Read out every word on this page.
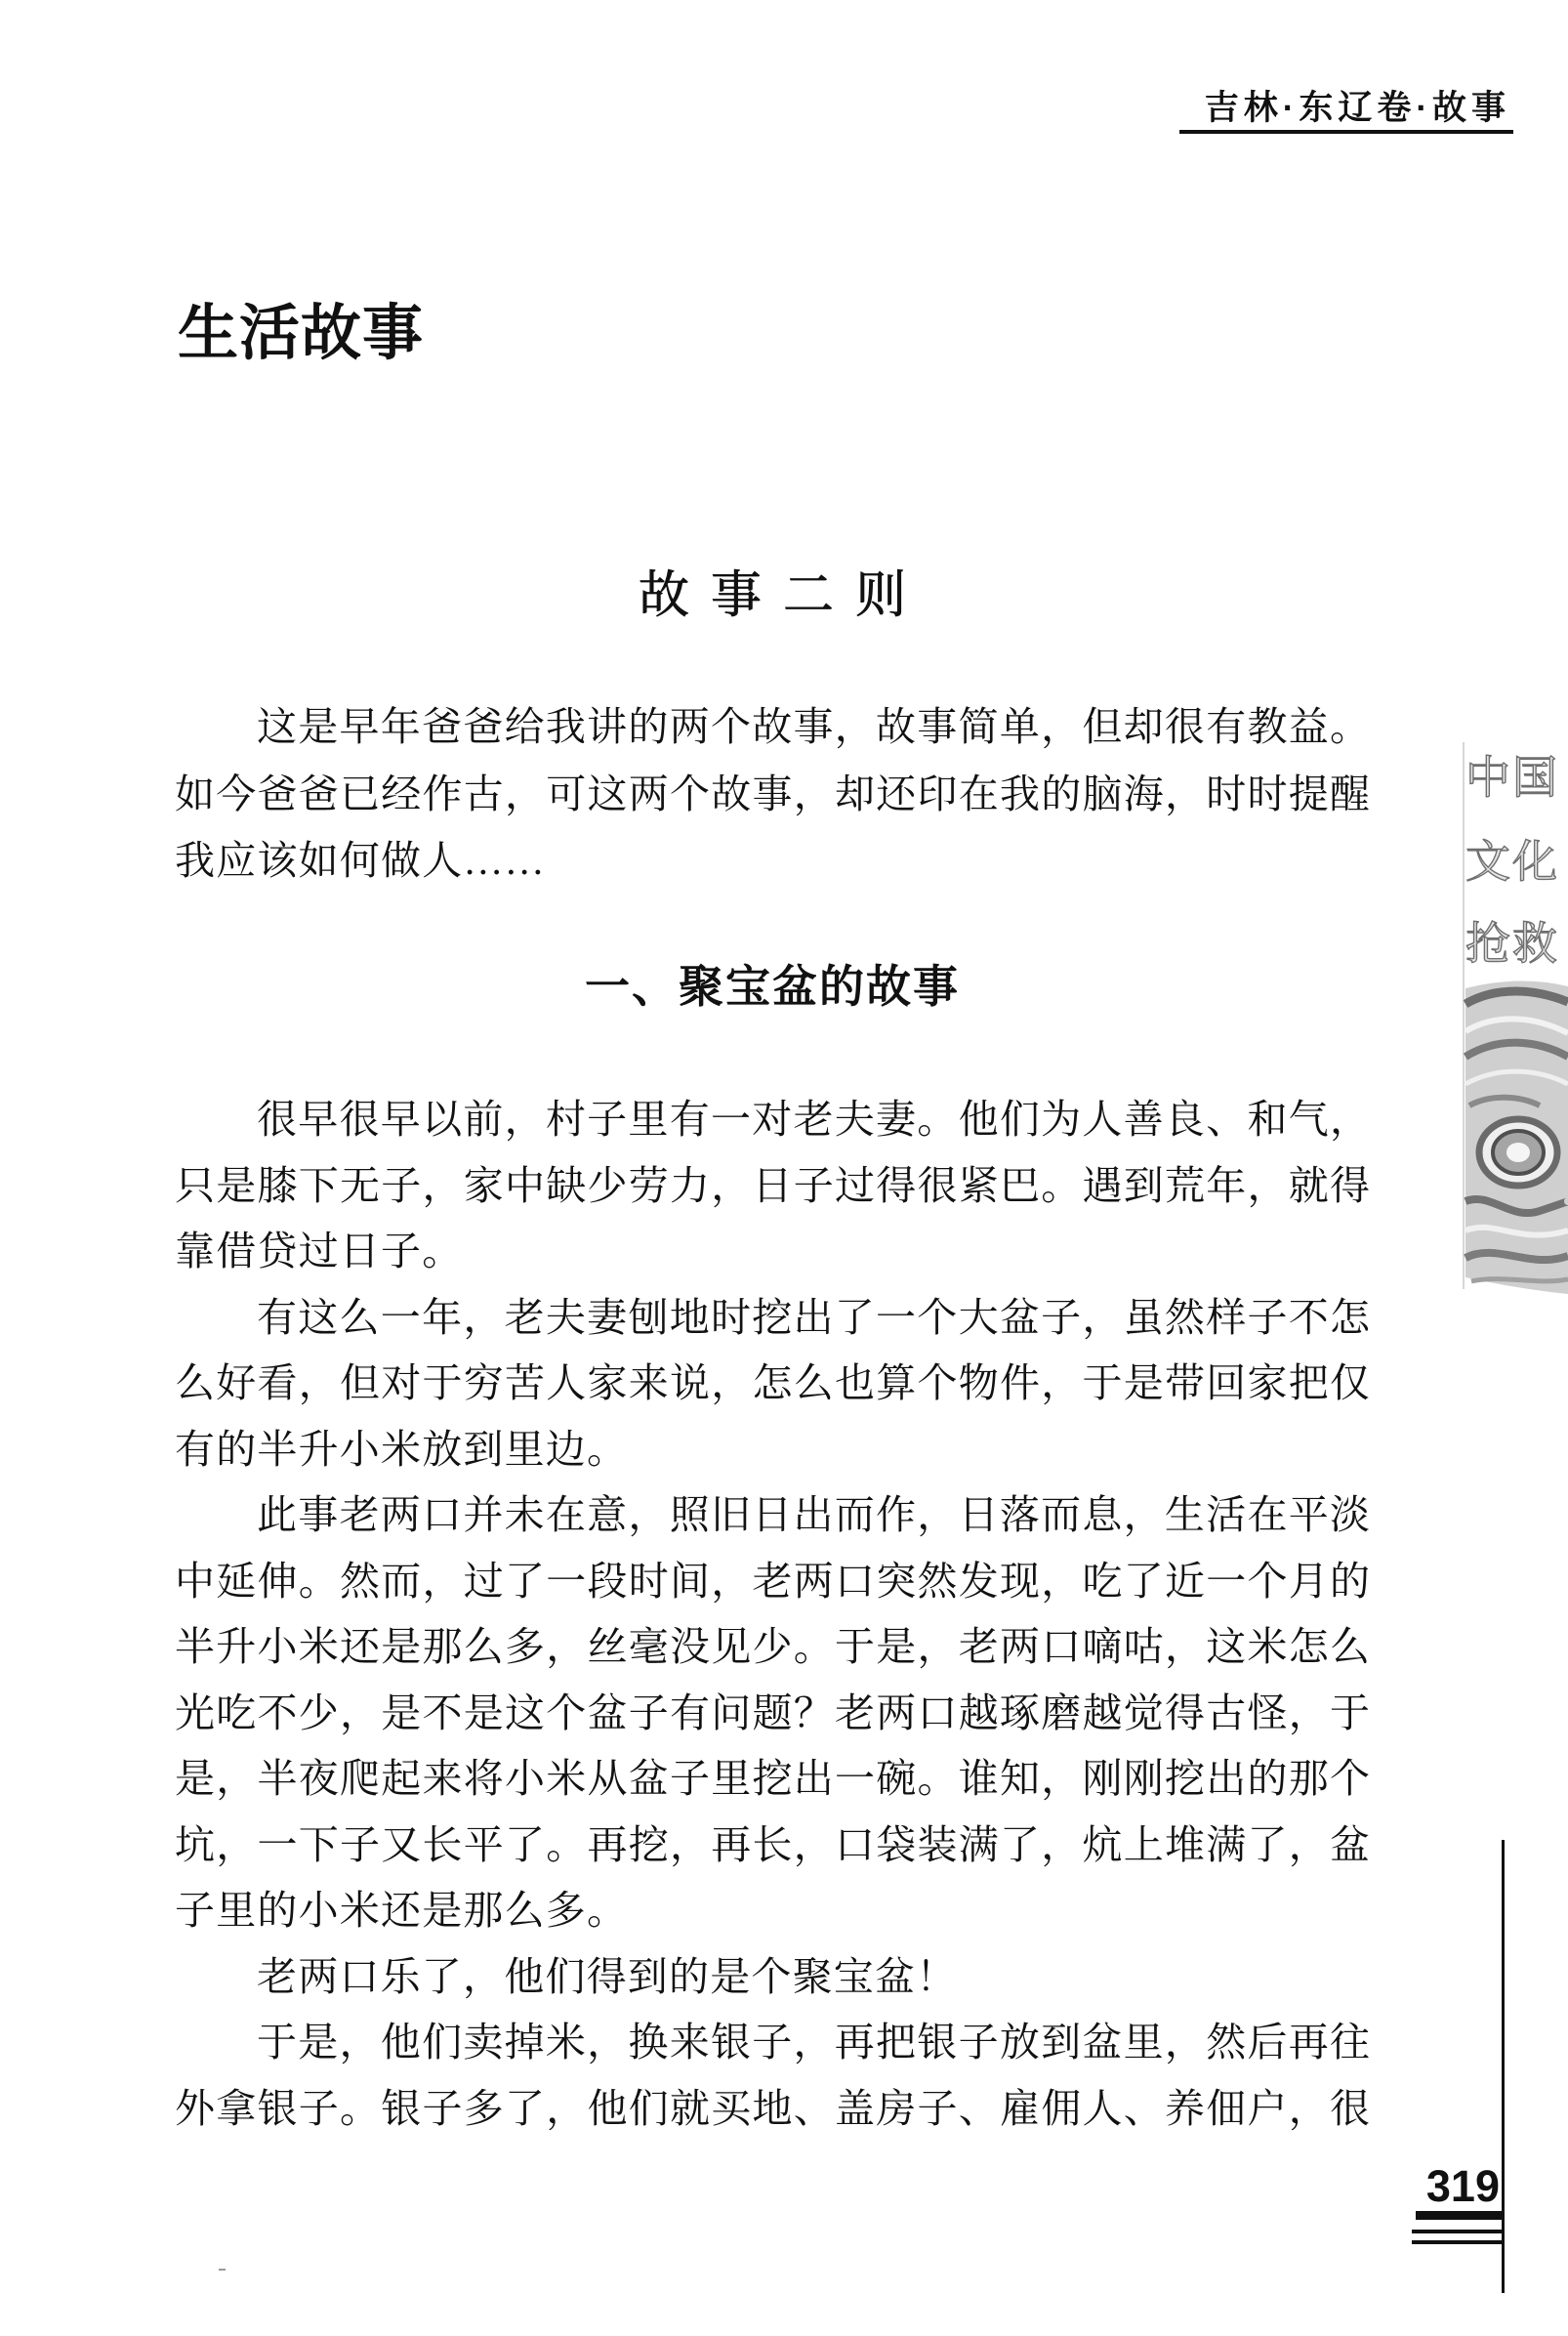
吉林·东辽卷·故事
生活故事
故事二则
这是早年爸爸给我讲的两个故事，故事简单，但却很有教益。
如今爸爸已经作古，可这两个故事，却还印在我的脑海，时时提醒
我应该如何做人……
一、聚宝盆的故事
很早很早以前，村子里有一对老夫妻。他们为人善良、和气，
只是膝下无子，家中缺少劳力，日子过得很紧巴。遇到荒年，就得
靠借贷过日子。
有这么一年，老夫妻刨地时挖出了一个大盆子，虽然样子不怎
么好看，但对于穷苦人家来说，怎么也算个物件，于是带回家把仅
有的半升小米放到里边。
此事老两口并未在意，照旧日出而作，日落而息，生活在平淡
中延伸。然而，过了一段时间，老两口突然发现，吃了近一个月的
半升小米还是那么多，丝毫没见少。于是，老两口嘀咕，这米怎么
光吃不少，是不是这个盆子有问题？老两口越琢磨越觉得古怪，于
是，半夜爬起来将小米从盆子里挖出一碗。谁知，刚刚挖出的那个
坑，一下子又长平了。再挖，再长，口袋装满了，炕上堆满了，盆
子里的小米还是那么多。
老两口乐了，他们得到的是个聚宝盆！
于是，他们卖掉米，换来银子，再把银子放到盆里，然后再往
外拿银子。银子多了，他们就买地、盖房子、雇佣人、养佃户，很
中国
文化
抢救
319
